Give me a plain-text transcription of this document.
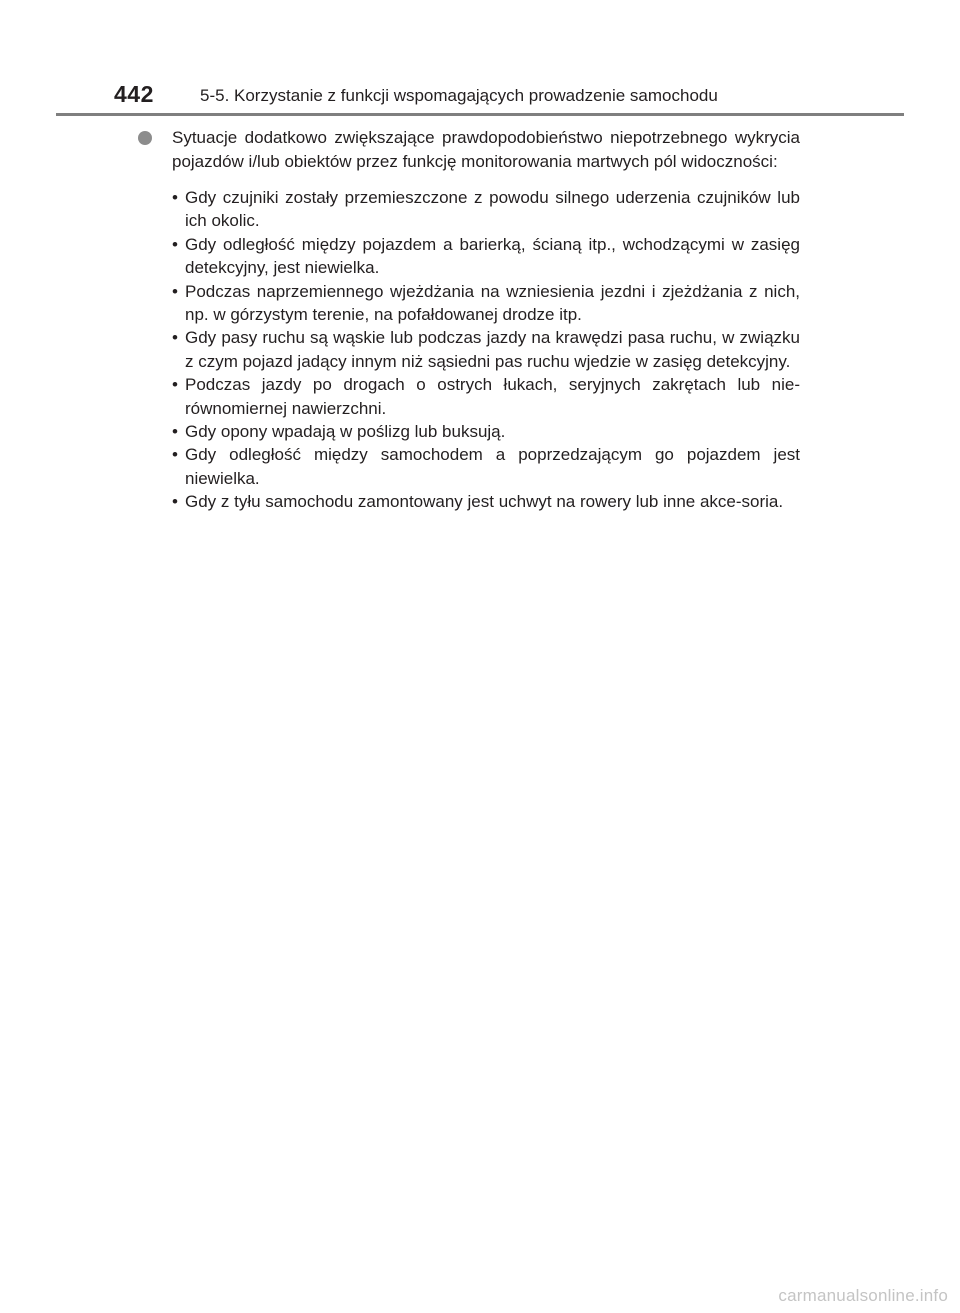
442	5-5. Korzystanie z funkcji wspomagających prowadzenie samochodu
Sytuacje dodatkowo zwiększające prawdopodobieństwo niepotrzebnego wykrycia pojazdów i/lub obiektów przez funkcję monitorowania martwych pól widoczności:
• Gdy czujniki zostały przemieszczone z powodu silnego uderzenia czujników lub ich okolic.
• Gdy odległość między pojazdem a barierką, ścianą itp., wchodzącymi w zasięg detekcyjny, jest niewielka.
• Podczas naprzemiennego wjeżdżania na wzniesienia jezdni i zjeżdżania z nich, np. w górzystym terenie, na pofałdowanej drodze itp.
• Gdy pasy ruchu są wąskie lub podczas jazdy na krawędzi pasa ruchu, w związku z czym pojazd jadący innym niż sąsiedni pas ruchu wjedzie w zasięg detekcyjny.
• Podczas jazdy po drogach o ostrych łukach, seryjnych zakrętach lub nie-równomiernej nawierzchni.
• Gdy opony wpadają w poślizg lub buksują.
• Gdy odległość między samochodem a poprzedzającym go pojazdem jest niewielka.
• Gdy z tyłu samochodu zamontowany jest uchwyt na rowery lub inne akce-soria.
carmanualsonline.info
